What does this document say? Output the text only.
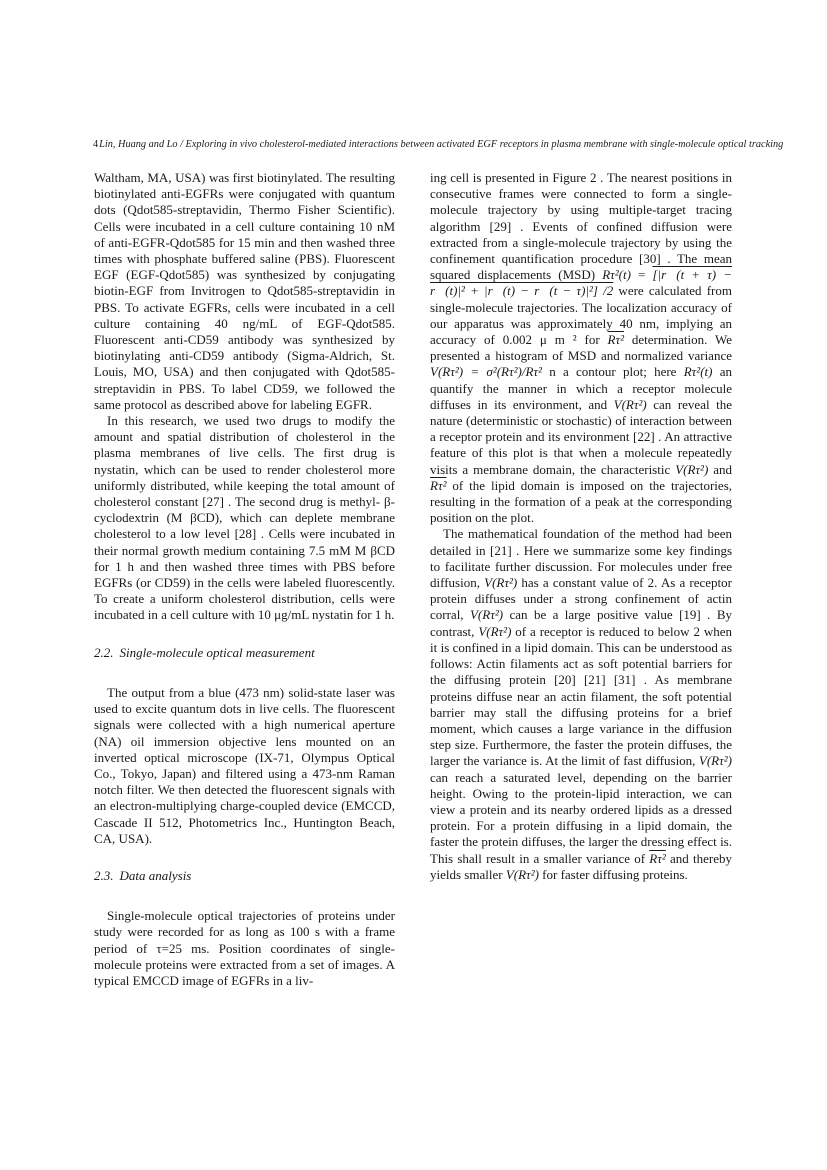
4Lin, Huang and Lo / Exploring in vivo cholesterol-mediated interactions between activated EGF receptors in plasma membrane with single-molecule optical tracking

Waltham, MA, USA) was first biotinylated. The resulting biotinylated anti-EGFRs were conjugated with quantum dots (Qdot585-streptavidin, Thermo Fisher Scientific). Cells were incubated in a cell culture containing 10 nM of anti-EGFR-Qdot585 for 15 min and then washed three times with phosphate buffered saline (PBS). Fluorescent EGF (EGF-Qdot585) was synthesized by conjugating biotin-EGF from Invitrogen to Qdot585-streptavidin in PBS. To activate EGFRs, cells were incubated in a cell culture containing 40 ng/mL of EGF-Qdot585. Fluorescent anti-CD59 antibody was synthesized by biotinylating anti-CD59 antibody (Sigma-Aldrich, St. Louis, MO, USA) and then conjugated with Qdot585-streptavidin in PBS. To label CD59, we followed the same protocol as described above for labeling EGFR.

In this research, we used two drugs to modify the amount and spatial distribution of cholesterol in the plasma membranes of live cells. The first drug is nystatin, which can be used to render cholesterol more uniformly distributed, while keeping the total amount of cholesterol constant [27] . The second drug is methyl- β-cyclodextrin (M βCD), which can deplete membrane cholesterol to a low level [28] . Cells were incubated in their normal growth medium containing 7.5 mM M βCD for 1 h and then washed three times with PBS before EGFRs (or CD59) in the cells were labeled fluorescently. To create a uniform cholesterol distribution, cells were incubated in a cell culture with 10 μg/mL nystatin for 1 h.

2.2. Single-molecule optical measurement

The output from a blue (473 nm) solid-state laser was used to excite quantum dots in live cells. The fluorescent signals were collected with a high numerical aperture (NA) oil immersion objective lens mounted on an inverted optical microscope (IX-71, Olympus Optical Co., Tokyo, Japan) and filtered using a 473-nm Raman notch filter. We then detected the fluorescent signals with an electron-multiplying charge-coupled device (EMCCD, Cascade II 512, Photometrics Inc., Huntington Beach, CA, USA).

2.3. Data analysis

Single-molecule optical trajectories of proteins under study were recorded for as long as 100 s with a frame period of τ=25 ms. Position coordinates of single-molecule proteins were extracted from a set of images. A typical EMCCD image of EGFRs in a liv-

ing cell is presented in Figure 2 . The nearest positions in consecutive frames were connected to form a single-molecule trajectory by using multiple-target tracing algorithm [29] . Events of confined diffusion were extracted from a single-molecule trajectory by using the confinement quantification procedure [30] . The mean squared displacements (MSD) Rτ²(t) = [|r⃗(t + τ) − r⃗(t)|² + |r⃗(t) − r⃗(t − τ)|²] /2 were calculated from single-molecule trajectories. The localization accuracy of our apparatus was approximately 40 nm, implying an accuracy of 0.002 μ m ² for Rτ² determination. We presented a histogram of MSD and normalized variance V(Rτ²) = σ²(Rτ²)/Rτ² n a contour plot; here Rτ²(t) an quantify the manner in which a receptor molecule diffuses in its environment, and V(Rτ²) can reveal the nature (deterministic or stochastic) of interaction between a receptor protein and its environment [22] . An attractive feature of this plot is that when a molecule repeatedly visits a membrane domain, the characteristic V(Rτ²) and Rτ² of the lipid domain is imposed on the trajectories, resulting in the formation of a peak at the corresponding position on the plot.

The mathematical foundation of the method had been detailed in [21] . Here we summarize some key findings to facilitate further discussion. For molecules under free diffusion, V(Rτ²) has a constant value of 2. As a receptor protein diffuses under a strong confinement of actin corral, V(Rτ²) can be a large positive value [19] . By contrast, V(Rτ²) of a receptor is reduced to below 2 when it is confined in a lipid domain. This can be understood as follows: Actin filaments act as soft potential barriers for the diffusing protein [20] [21] [31] . As membrane proteins diffuse near an actin filament, the soft potential barrier may stall the diffusing proteins for a brief moment, which causes a large variance in the diffusion step size. Furthermore, the faster the protein diffuses, the larger the variance is. At the limit of fast diffusion, V(Rτ²) can reach a saturated level, depending on the barrier height. Owing to the protein-lipid interaction, we can view a protein and its nearby ordered lipids as a dressed protein. For a protein diffusing in a lipid domain, the faster the protein diffuses, the larger the dressing effect is. This shall result in a smaller variance of Rτ² and thereby yields smaller V(Rτ²) for faster diffusing proteins.
